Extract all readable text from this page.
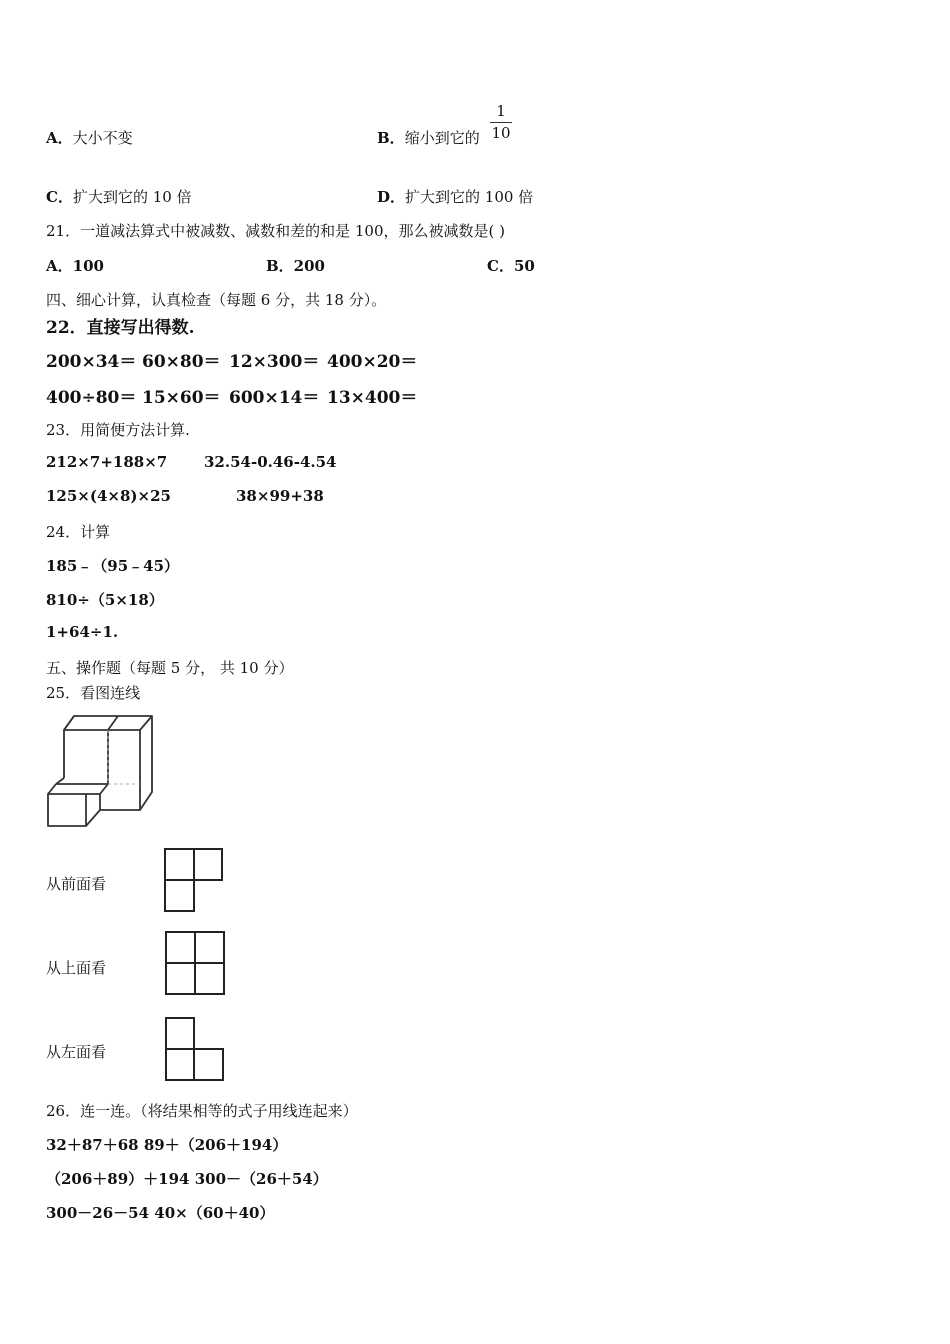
A．大小不变	B．缩小到它的
1
10
C．扩大到它的 10 倍	D．扩大到它的 100 倍
21．一道减法算式中被减数、减数和差的和是 100，那么被减数是( )
A．100	B．200	C．50
四、细心计算，认真检查（每题 6 分，共 18 分）。
22．直接写出得数.
200×34＝ 60×80＝ 12×300＝ 400×20＝
400÷80＝ 15×60＝ 600×14＝ 13×400＝
23．用简便方法计算.
212×7+188×7 32.54-0.46-4.54
125×(4×8)×25	38×99+38
24．计算
185﹣（95﹣45）
810÷（5×18）
1+64÷1.
五、操作题（每题 5 分， 共 10 分）
25．看图连线
从前面看
从上面看
从左面看
26．连一连。（将结果相等的式子用线连起来）
32＋87＋68 89＋（206＋194）
（206＋89）＋194 300－（26＋54）
300－26－54 40×（60＋40）
